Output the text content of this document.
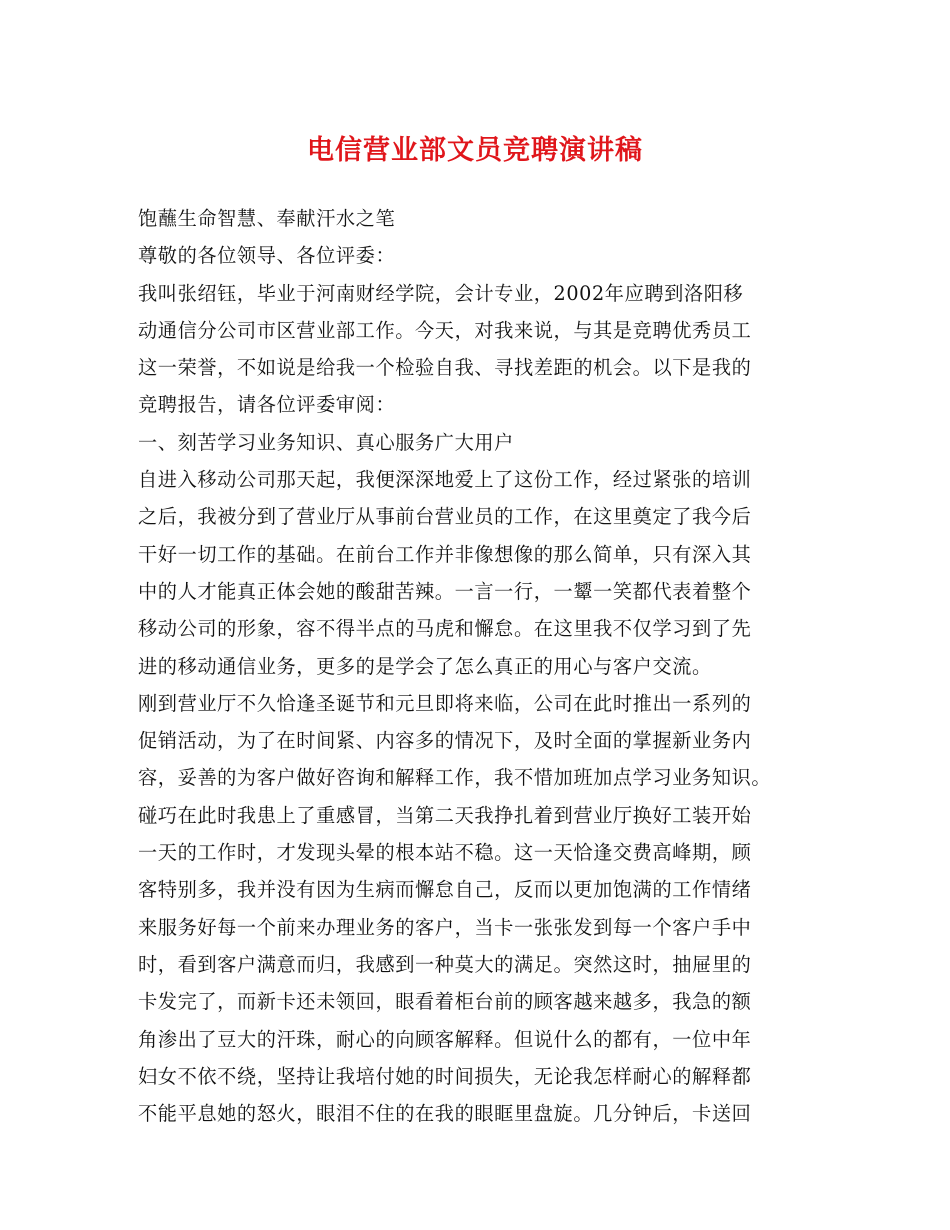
电信营业部文员竞聘演讲稿
饱蘸生命智慧、奉献汗水之笔
尊敬的各位领导、各位评委：
我叫张绍钰，毕业于河南财经学院，会计专业，2002年应聘到洛阳移
动通信分公司市区营业部工作。今天，对我来说，与其是竞聘优秀员工
这一荣誉，不如说是给我一个检验自我、寻找差距的机会。以下是我的
竞聘报告，请各位评委审阅：
一、刻苦学习业务知识、真心服务广大用户
自进入移动公司那天起，我便深深地爱上了这份工作，经过紧张的培训
之后，我被分到了营业厅从事前台营业员的工作，在这里奠定了我今后
干好一切工作的基础。在前台工作并非像想像的那么简单，只有深入其
中的人才能真正体会她的酸甜苦辣。一言一行，一颦一笑都代表着整个
移动公司的形象，容不得半点的马虎和懈怠。在这里我不仅学习到了先
进的移动通信业务，更多的是学会了怎么真正的用心与客户交流。
刚到营业厅不久恰逢圣诞节和元旦即将来临，公司在此时推出一系列的
促销活动，为了在时间紧、内容多的情况下，及时全面的掌握新业务内
容，妥善的为客户做好咨询和解释工作，我不惜加班加点学习业务知识。
碰巧在此时我患上了重感冒，当第二天我挣扎着到营业厅换好工装开始
一天的工作时，才发现头晕的根本站不稳。这一天恰逢交费高峰期，顾
客特别多，我并没有因为生病而懈怠自己，反而以更加饱满的工作情绪
来服务好每一个前来办理业务的客户，当卡一张张发到每一个客户手中
时，看到客户满意而归，我感到一种莫大的满足。突然这时，抽屉里的
卡发完了，而新卡还未领回，眼看着柜台前的顾客越来越多，我急的额
角渗出了豆大的汗珠，耐心的向顾客解释。但说什么的都有，一位中年
妇女不依不绕，坚持让我培付她的时间损失，无论我怎样耐心的解释都
不能平息她的怒火，眼泪不住的在我的眼眶里盘旋。几分钟后，卡送回
